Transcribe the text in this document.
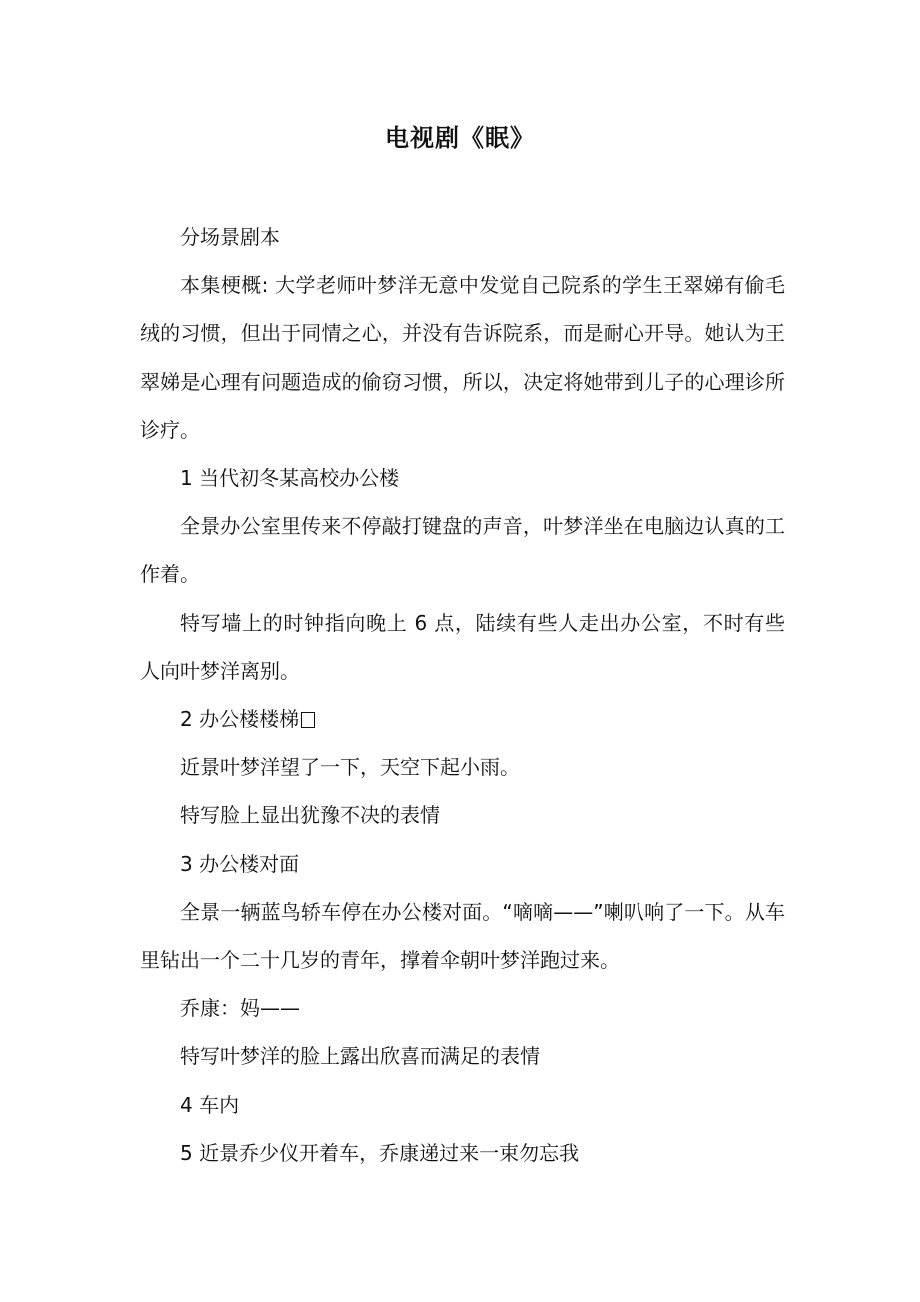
电视剧《眠》

分场景剧本

本集梗概: 大学老师叶梦洋无意中发觉自己院系的学生王翠娣有偷毛绒的习惯，但出于同情之心，并没有告诉院系，而是耐心开导。她认为王翠娣是心理有问题造成的偷窃习惯，所以，决定将她带到儿子的心理诊所诊疗。

1 当代初冬某高校办公楼

全景办公室里传来不停敲打键盘的声音，叶梦洋坐在电脑边认真的工作着。

特写墙上的时钟指向晚上 6 点，陆续有些人走出办公室，不时有些人向叶梦洋离别。

2 办公楼楼梯

近景叶梦洋望了一下，天空下起小雨。

特写脸上显出犹豫不决的表情

3 办公楼对面

全景一辆蓝鸟轿车停在办公楼对面。“嘀嘀——”喇叭响了一下。从车里钻出一个二十几岁的青年，撑着伞朝叶梦洋跑过来。

乔康：妈——

特写叶梦洋的脸上露出欣喜而满足的表情

4 车内

5 近景乔少仪开着车，乔康递过来一束勿忘我
